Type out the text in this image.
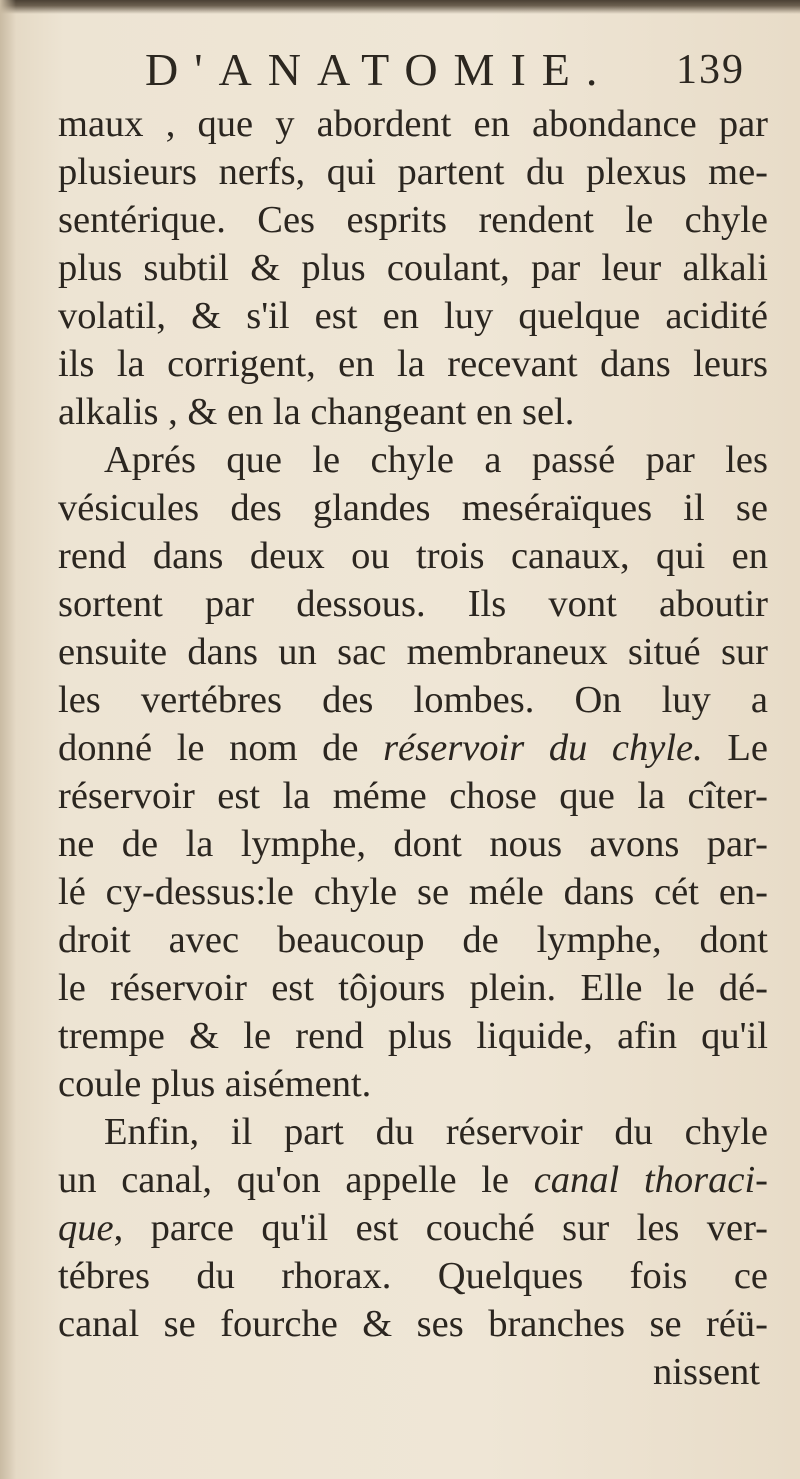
D'ANATOMIE. 139
maux , que y abordent en abondance par
plusieurs nerfs, qui partent du plexus me-
sentérique. Ces esprits rendent le chyle
plus subtil & plus coulant, par leur alkali
volatil, & s'il est en luy quelque acidité
ils la corrigent, en la recevant dans leurs
alkalis , & en la changeant en sel.
Aprés que le chyle a passé par les
vésicules des glandes meséraïques il se
rend dans deux ou trois canaux, qui en
sortent par dessous. Ils vont aboutir
ensuite dans un sac membraneux situé sur
les vertébres des lombes. On luy a
donné le nom de réservoir du chyle. Le
réservoir est la méme chose que la cîter-
ne de la lymphe, dont nous avons par-
lé cy-dessus:le chyle se méle dans cét en-
droit avec beaucoup de lymphe, dont
le réservoir est tôjours plein. Elle le dé-
trempe & le rend plus liquide, afin qu'il
coule plus aisément.
Enfin, il part du réservoir du chyle
un canal, qu'on appelle le canal thoraci-
que, parce qu'il est couché sur les ver-
tébres du rhorax. Quelques fois ce
canal se fourche & ses branches se réü-
nissent
